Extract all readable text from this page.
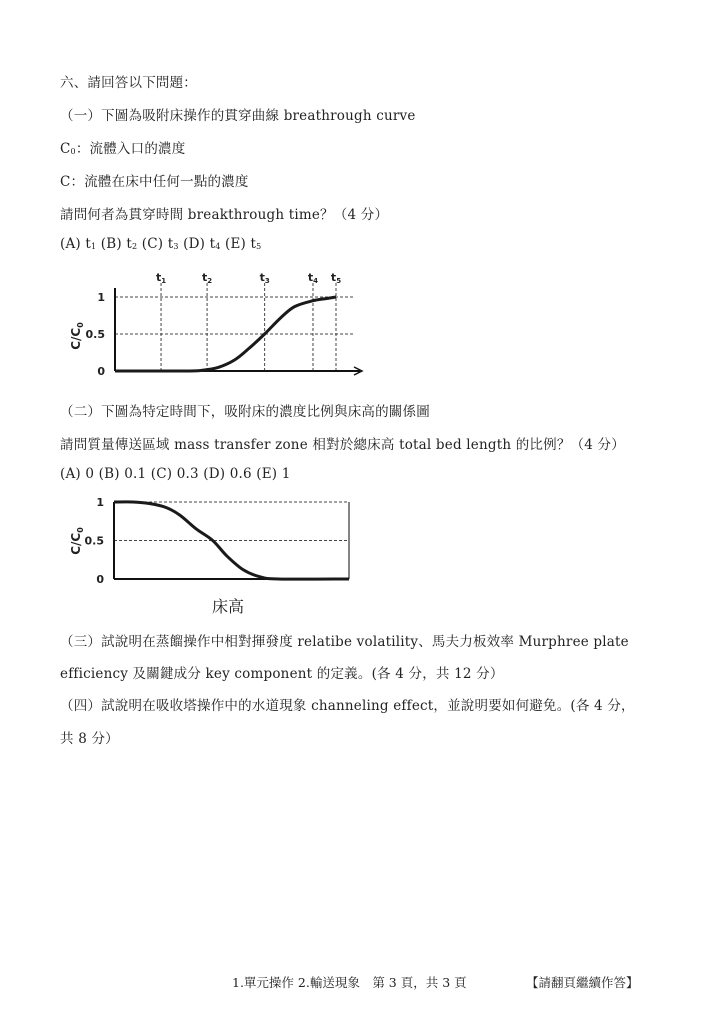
六、請回答以下問題：
（一）下圖為吸附床操作的貫穿曲線 breathrough curve
C0：流體入口的濃度
C：流體在床中任何一點的濃度
請問何者為貫穿時間 breakthrough time？（4 分）
(A) t1 (B) t2 (C) t3 (D) t4 (E) t5
t1	t2	t3	t4 t5
0
0.5
1
$C/C_0$
（二）下圖為特定時間下，吸附床的濃度比例與床高的關係圖
請問質量傳送區域 mass transfer zone 相對於總床高 total bed length 的比例？（4 分）
(A) 0 (B) 0.1 (C) 0.3 (D) 0.6 (E) 1
0
0.5
1
$C/C_0$
床高
（三）試說明在蒸餾操作中相對揮發度 relatibe volatility、馬夫力板效率 Murphree plate
efficiency 及關鍵成分 key component 的定義。(各 4 分，共 12 分）
（四）試說明在吸收塔操作中的水道現象 channeling effect，並說明要如何避免。(各 4 分，
共 8 分）
1.單元操作 2.輸送現象　第 3 頁，共 3 頁	【請翻頁繼續作答】
